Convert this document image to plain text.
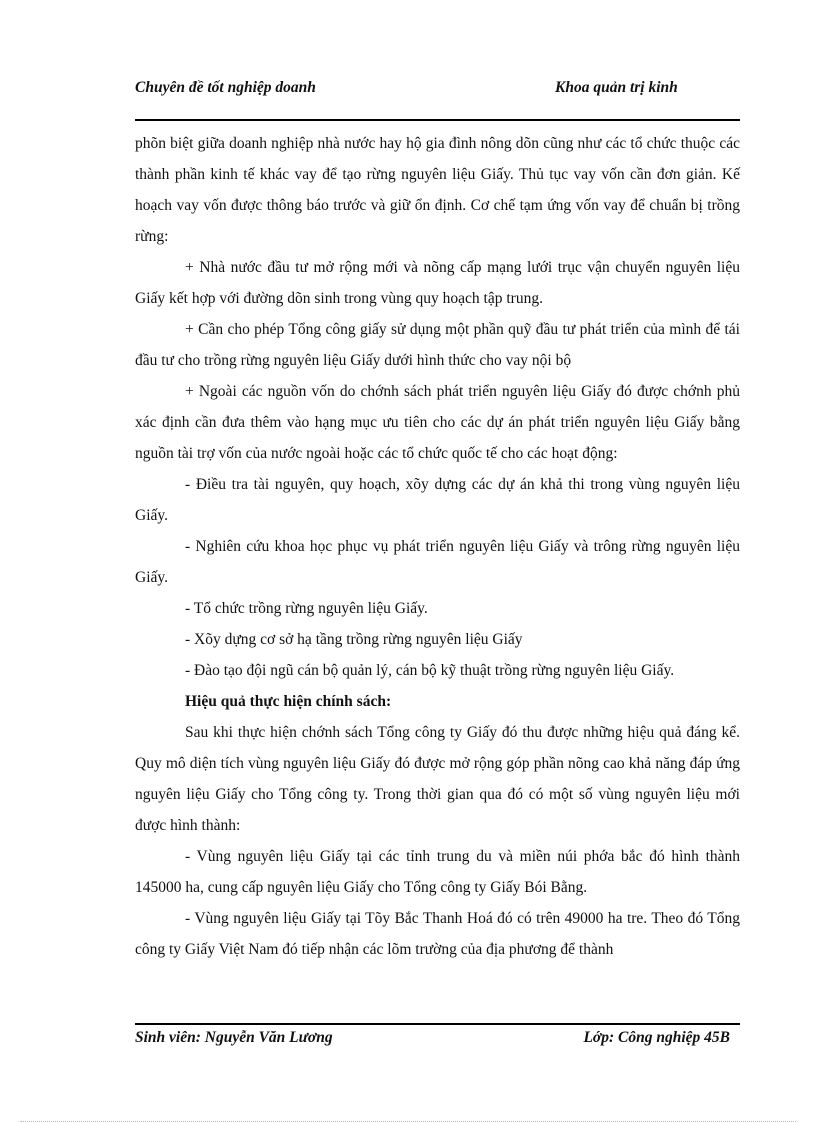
Chuyên đề tốt nghiệp doanh	Khoa quản trị kinh

phõn biệt giữa doanh nghiệp nhà nước hay hộ gia đình nông dõn cũng như các tổ chức thuộc các thành phần kinh tế khác vay để tạo rừng nguyên liệu Giấy. Thủ tục vay vốn cần đơn giản. Kế hoạch vay vốn được thông báo trước và giữ ổn định. Cơ chế tạm ứng vốn vay để chuẩn bị trồng rừng:

+ Nhà nước đầu tư mở rộng mới và nõng cấp mạng lưới trục vận chuyển nguyên liệu Giấy kết hợp với đường dõn sinh trong vùng quy hoạch tập trung.

+ Cần cho phép Tổng công giấy sử dụng một phần quỹ đầu tư phát triển của mình để tái đầu tư cho trồng rừng nguyên liệu Giấy dưới hình thức cho vay nội bộ

+ Ngoài các nguồn vốn do chớnh sách phát triển nguyên liệu Giấy đó được chớnh phủ xác định cần đưa thêm vào hạng mục ưu tiên cho các dự án phát triển nguyên liệu Giấy bằng nguồn tài trợ vốn của nước ngoài hoặc các tổ chức quốc tế cho các hoạt động:

- Điều tra tài nguyên, quy hoạch, xõy dựng các dự án khả thi trong vùng nguyên liệu Giấy.

- Nghiên cứu khoa học phục vụ phát triển nguyên liệu Giấy và trông rừng nguyên liệu Giấy.

- Tổ chức trồng rừng nguyên liệu Giấy.

- Xõy dựng cơ sở hạ tầng trồng rừng nguyên liệu Giấy

- Đào tạo đội ngũ cán bộ quản lý, cán bộ kỹ thuật trồng rừng nguyên liệu Giấy.

Hiệu quả thực hiện chính sách:

Sau khi thực hiện chớnh sách Tổng công ty Giấy đó thu được những hiệu quả đáng kể. Quy mô diện tích vùng nguyên liệu Giấy đó được mở rộng góp phần nõng cao khả năng đáp ứng nguyên liệu Giấy cho Tổng công ty. Trong thời gian qua đó có một số vùng nguyên liệu mới được hình thành:

- Vùng nguyên liệu Giấy tại các tỉnh trung du và miền núi phớa bắc đó hình thành 145000 ha, cung cấp nguyên liệu Giấy cho Tổng công ty Giấy Bói Bằng.

- Vùng nguyên liệu Giấy tại Tõy Bắc Thanh Hoá đó có trên 49000 ha tre. Theo đó Tổng công ty Giấy Việt Nam đó tiếp nhận các lõm trường của địa phương để thành

Sinh viên: Nguyễn Văn Lương	Lớp: Công nghiệp 45B
